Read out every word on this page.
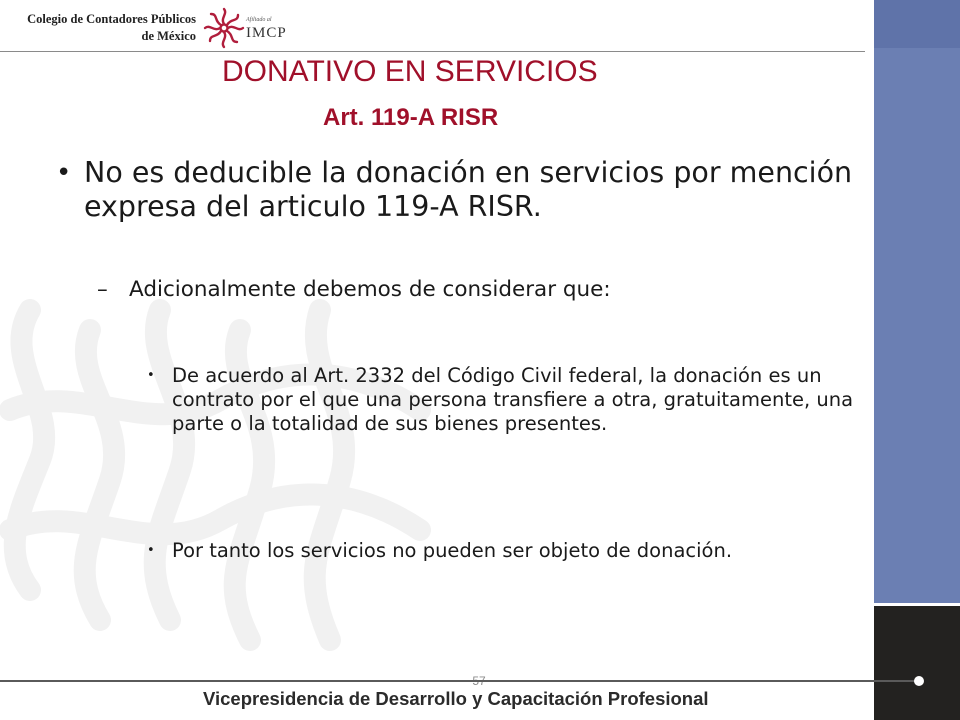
Colegio de Contadores Públicos
de México
Afiliado al
IMCP
DONATIVO EN SERVICIOS
Art. 119-A RISR

• No es deducible la donación en servicios por mención expresa del articulo 119-A RISR.

– Adicionalmente debemos de considerar que:

• De acuerdo al Art. 2332 del Código Civil federal, la donación es un contrato por el que una persona transfiere a otra, gratuitamente, una parte o la totalidad de sus bienes presentes.

• Por tanto los servicios no pueden ser objeto de donación.

Vicepresidencia de Desarrollo y Capacitación Profesional
